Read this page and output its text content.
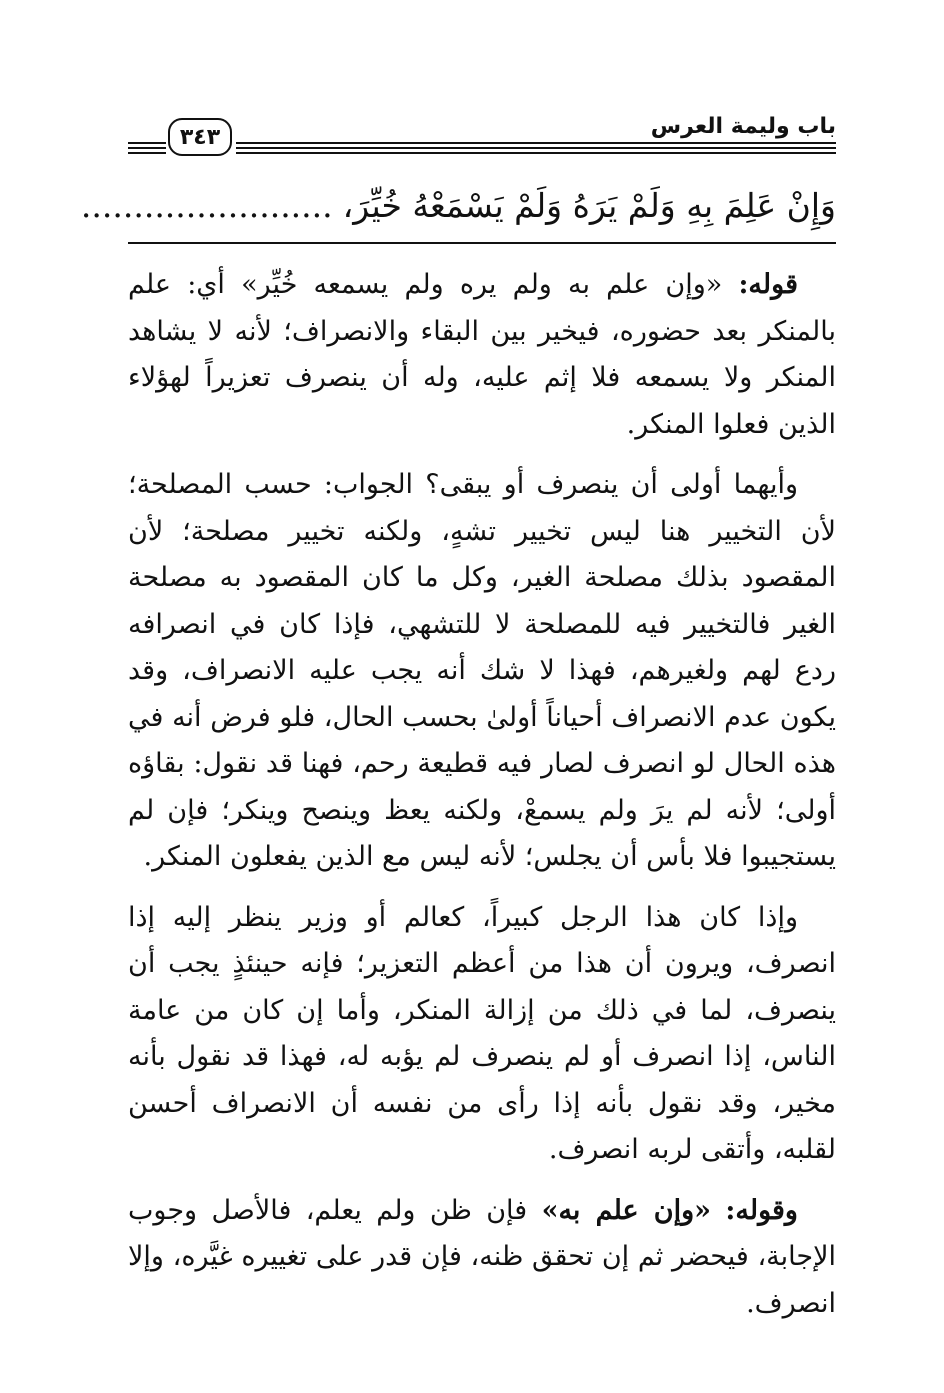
باب وليمة العرس
٣٤٣
وَإِنْ عَلِمَ بِهِ وَلَمْ يَرَهُ وَلَمْ يَسْمَعْهُ خُيِّرَ،........................

قوله: «وإن علم به ولم يره ولم يسمعه خُيِّر» أي: علم بالمنكر بعد حضوره، فيخير بين البقاء والانصراف؛ لأنه لا يشاهد المنكر ولا يسمعه فلا إثم عليه، وله أن ينصرف تعزيراً لهؤلاء الذين فعلوا المنكر.

وأيهما أولى أن ينصرف أو يبقى؟ الجواب: حسب المصلحة؛ لأن التخيير هنا ليس تخيير تشهٍ، ولكنه تخيير مصلحة؛ لأن المقصود بذلك مصلحة الغير، وكل ما كان المقصود به مصلحة الغير فالتخيير فيه للمصلحة لا للتشهي، فإذا كان في انصرافه ردع لهم ولغيرهم، فهذا لا شك أنه يجب عليه الانصراف، وقد يكون عدم الانصراف أحياناً أولىٰ بحسب الحال، فلو فرض أنه في هذه الحال لو انصرف لصار فيه قطيعة رحم، فهنا قد نقول: بقاؤه أولى؛ لأنه لم يرَ ولم يسمعْ، ولكنه يعظ وينصح وينكر؛ فإن لم يستجيبوا فلا بأس أن يجلس؛ لأنه ليس مع الذين يفعلون المنكر.

وإذا كان هذا الرجل كبيراً، كعالم أو وزير ينظر إليه إذا انصرف، ويرون أن هذا من أعظم التعزير؛ فإنه حينئذٍ يجب أن ينصرف، لما في ذلك من إزالة المنكر، وأما إن كان من عامة الناس، إذا انصرف أو لم ينصرف لم يؤبه له، فهذا قد نقول بأنه مخير، وقد نقول بأنه إذا رأى من نفسه أن الانصراف أحسن لقلبه، وأتقى لربه انصرف.

وقوله: «وإن علم به» فإن ظن ولم يعلم، فالأصل وجوب الإجابة، فيحضر ثم إن تحقق ظنه، فإن قدر على تغييره غيَّره، وإلا انصرف.
